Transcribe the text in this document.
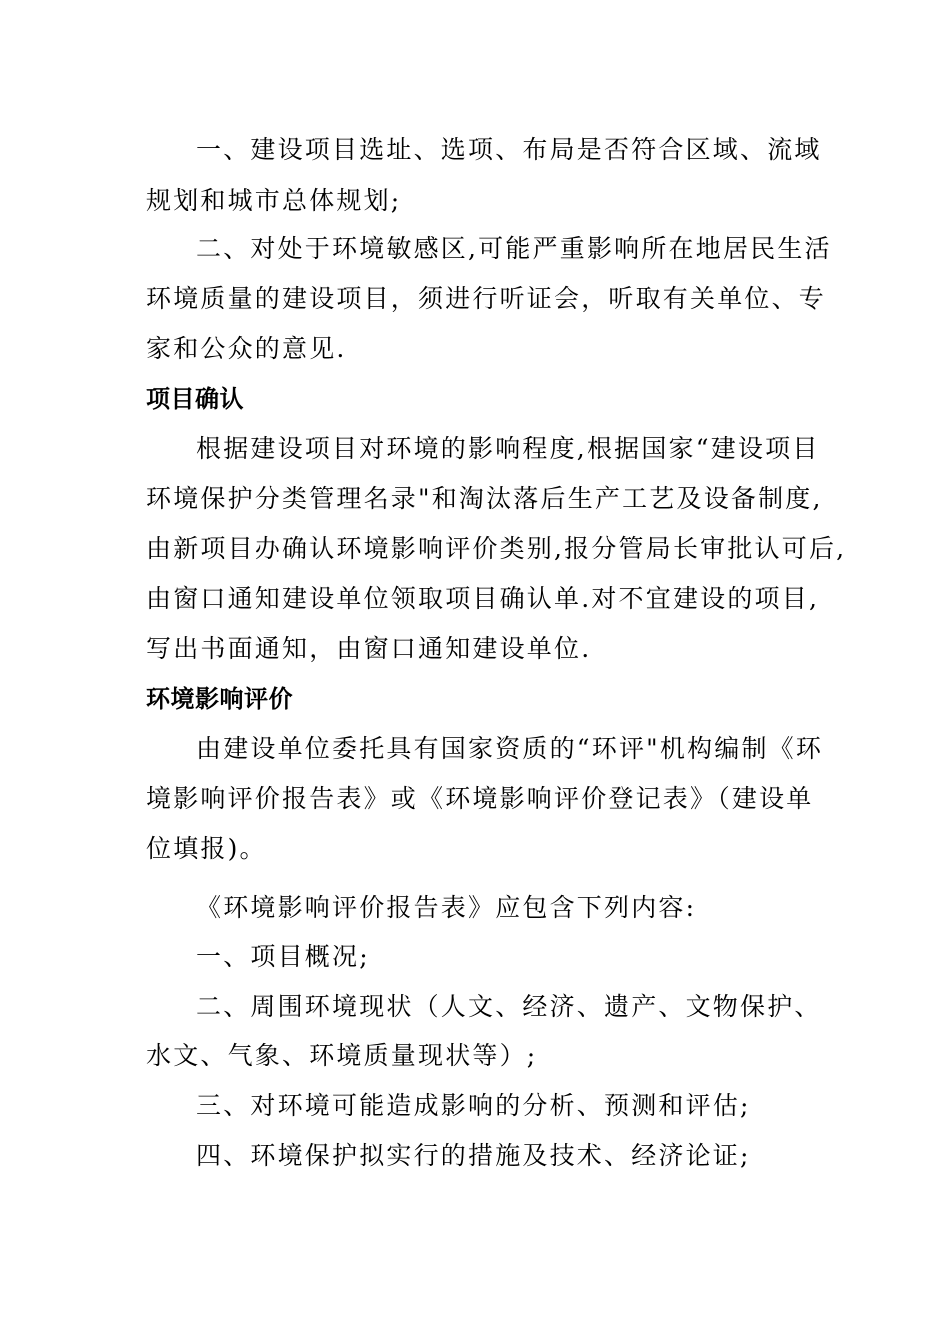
一、建设项目选址、选项、布局是否符合区域、流域
规划和城市总体规划;
二、对处于环境敏感区,可能严重影响所在地居民生活
环境质量的建设项目，须进行听证会，听取有关单位、专
家和公众的意见.
项目确认
根据建设项目对环境的影响程度,根据国家“建设项目
环境保护分类管理名录"和淘汰落后生产工艺及设备制度,
由新项目办确认环境影响评价类别,报分管局长审批认可后,
由窗口通知建设单位领取项目确认单.对不宜建设的项目,
写出书面通知，由窗口通知建设单位.
环境影响评价
由建设单位委托具有国家资质的“环评"机构编制《环
境影响评价报告表》或《环境影响评价登记表》（建设单
位填报)。
《环境影响评价报告表》应包含下列内容:
一、项目概况;
二、周围环境现状（人文、经济、遗产、文物保护、
水文、气象、环境质量现状等）;
三、对环境可能造成影响的分析、预测和评估;
四、环境保护拟实行的措施及技术、经济论证;
